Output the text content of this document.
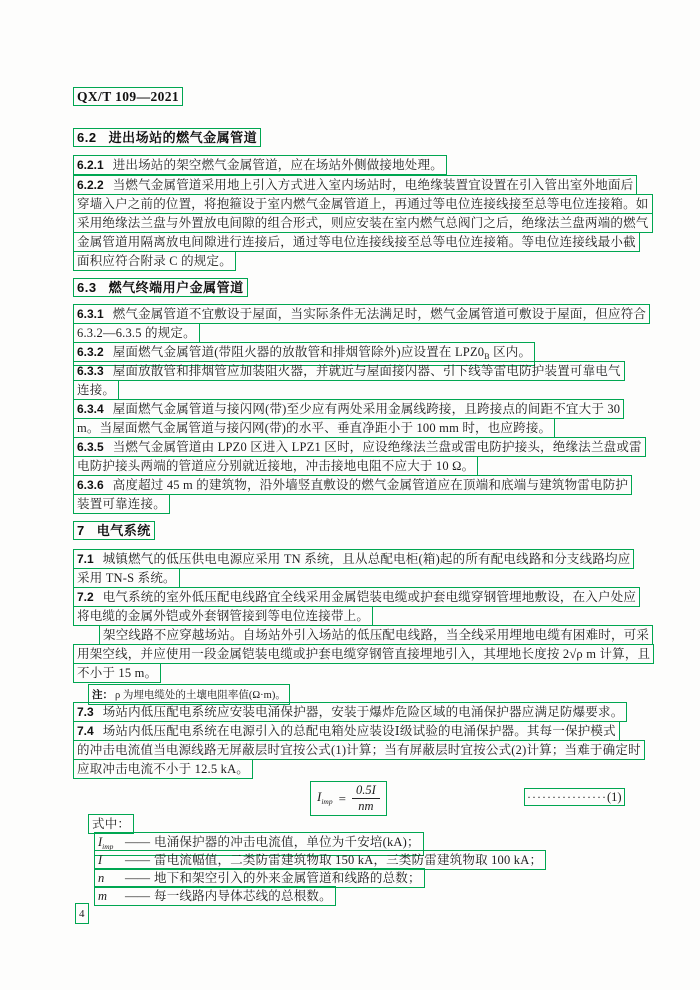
QX/T 109—2021
6.2 进出场站的燃气金属管道
6.2.1 进出场站的架空燃气金属管道，应在场站外侧做接地处理。
6.2.2 当燃气金属管道采用地上引入方式进入室内场站时，电绝缘装置宜设置在引入管出室外地面后
穿墙入户之前的位置，将抱箍设于室内燃气金属管道上，再通过等电位连接线接至总等电位连接箱。如
采用绝缘法兰盘与外置放电间隙的组合形式，则应安装在室内燃气总阀门之后，绝缘法兰盘两端的燃气
金属管道用隔离放电间隙进行连接后，通过等电位连接线接至总等电位连接箱。等电位连接线最小截
面积应符合附录 C 的规定。
6.3 燃气终端用户金属管道
6.3.1 燃气金属管道不宜敷设于屋面，当实际条件无法满足时，燃气金属管道可敷设于屋面，但应符合
6.3.2—6.3.5 的规定。
6.3.2 屋面燃气金属管道(带阻火器的放散管和排烟管除外)应设置在 LPZ0B 区内。
6.3.3 屋面放散管和排烟管应加装阻火器，并就近与屋面接闪器、引下线等雷电防护装置可靠电气
连接。
6.3.4 屋面燃气金属管道与接闪网(带)至少应有两处采用金属线跨接，且跨接点的间距不宜大于 30
m。当屋面燃气金属管道与接闪网(带)的水平、垂直净距小于 100 mm 时，也应跨接。
6.3.5 当燃气金属管道由 LPZ0 区进入 LPZ1 区时，应设绝缘法兰盘或雷电防护接头，绝缘法兰盘或雷
电防护接头两端的管道应分别就近接地，冲击接地电阻不应大于 10 Ω。
6.3.6 高度超过 45 m 的建筑物，沿外墙竖直敷设的燃气金属管道应在顶端和底端与建筑物雷电防护
装置可靠连接。
7 电气系统
7.1 城镇燃气的低压供电电源应采用 TN 系统，且从总配电柜(箱)起的所有配电线路和分支线路均应
采用 TN-S 系统。
7.2 电气系统的室外低压配电线路宜全线采用金属铠装电缆或护套电缆穿钢管埋地敷设，在入户处应
将电缆的金属外铠或外套钢管接到等电位连接带上。
架空线路不应穿越场站。自场站外引入场站的低压配电线路，当全线采用埋地电缆有困难时，可采
用架空线，并应使用一段金属铠装电缆或护套电缆穿钢管直接埋地引入，其埋地长度按 2√ρ m 计算，且
不小于 15 m。
注： ρ 为埋电缆处的土壤电阻率值(Ω·m)。
7.3 场站内低压配电系统应安装电涌保护器，安装于爆炸危险区域的电涌保护器应满足防爆要求。
7.4 场站内低压配电系统在电源引入的总配电箱处应装设Ⅰ级试验的电涌保护器。其每一保护模式
的冲击电流值当电源线路无屏蔽层时宜按公式(1)计算；当有屏蔽层时宜按公式(2)计算；当难于确定时
应取冲击电流不小于 12.5 kA。
$I_{imp} = \frac{0.5I}{nm}$	················(1)
式中：
$I_{imp}$ —— 电涌保护器的冲击电流值，单位为千安培(kA)；
I —— 雷电流幅值，二类防雷建筑物取 150 kA，三类防雷建筑物取 100 kA；
n —— 地下和架空引入的外来金属管道和线路的总数；
m —— 每一线路内导体芯线的总根数。
4
